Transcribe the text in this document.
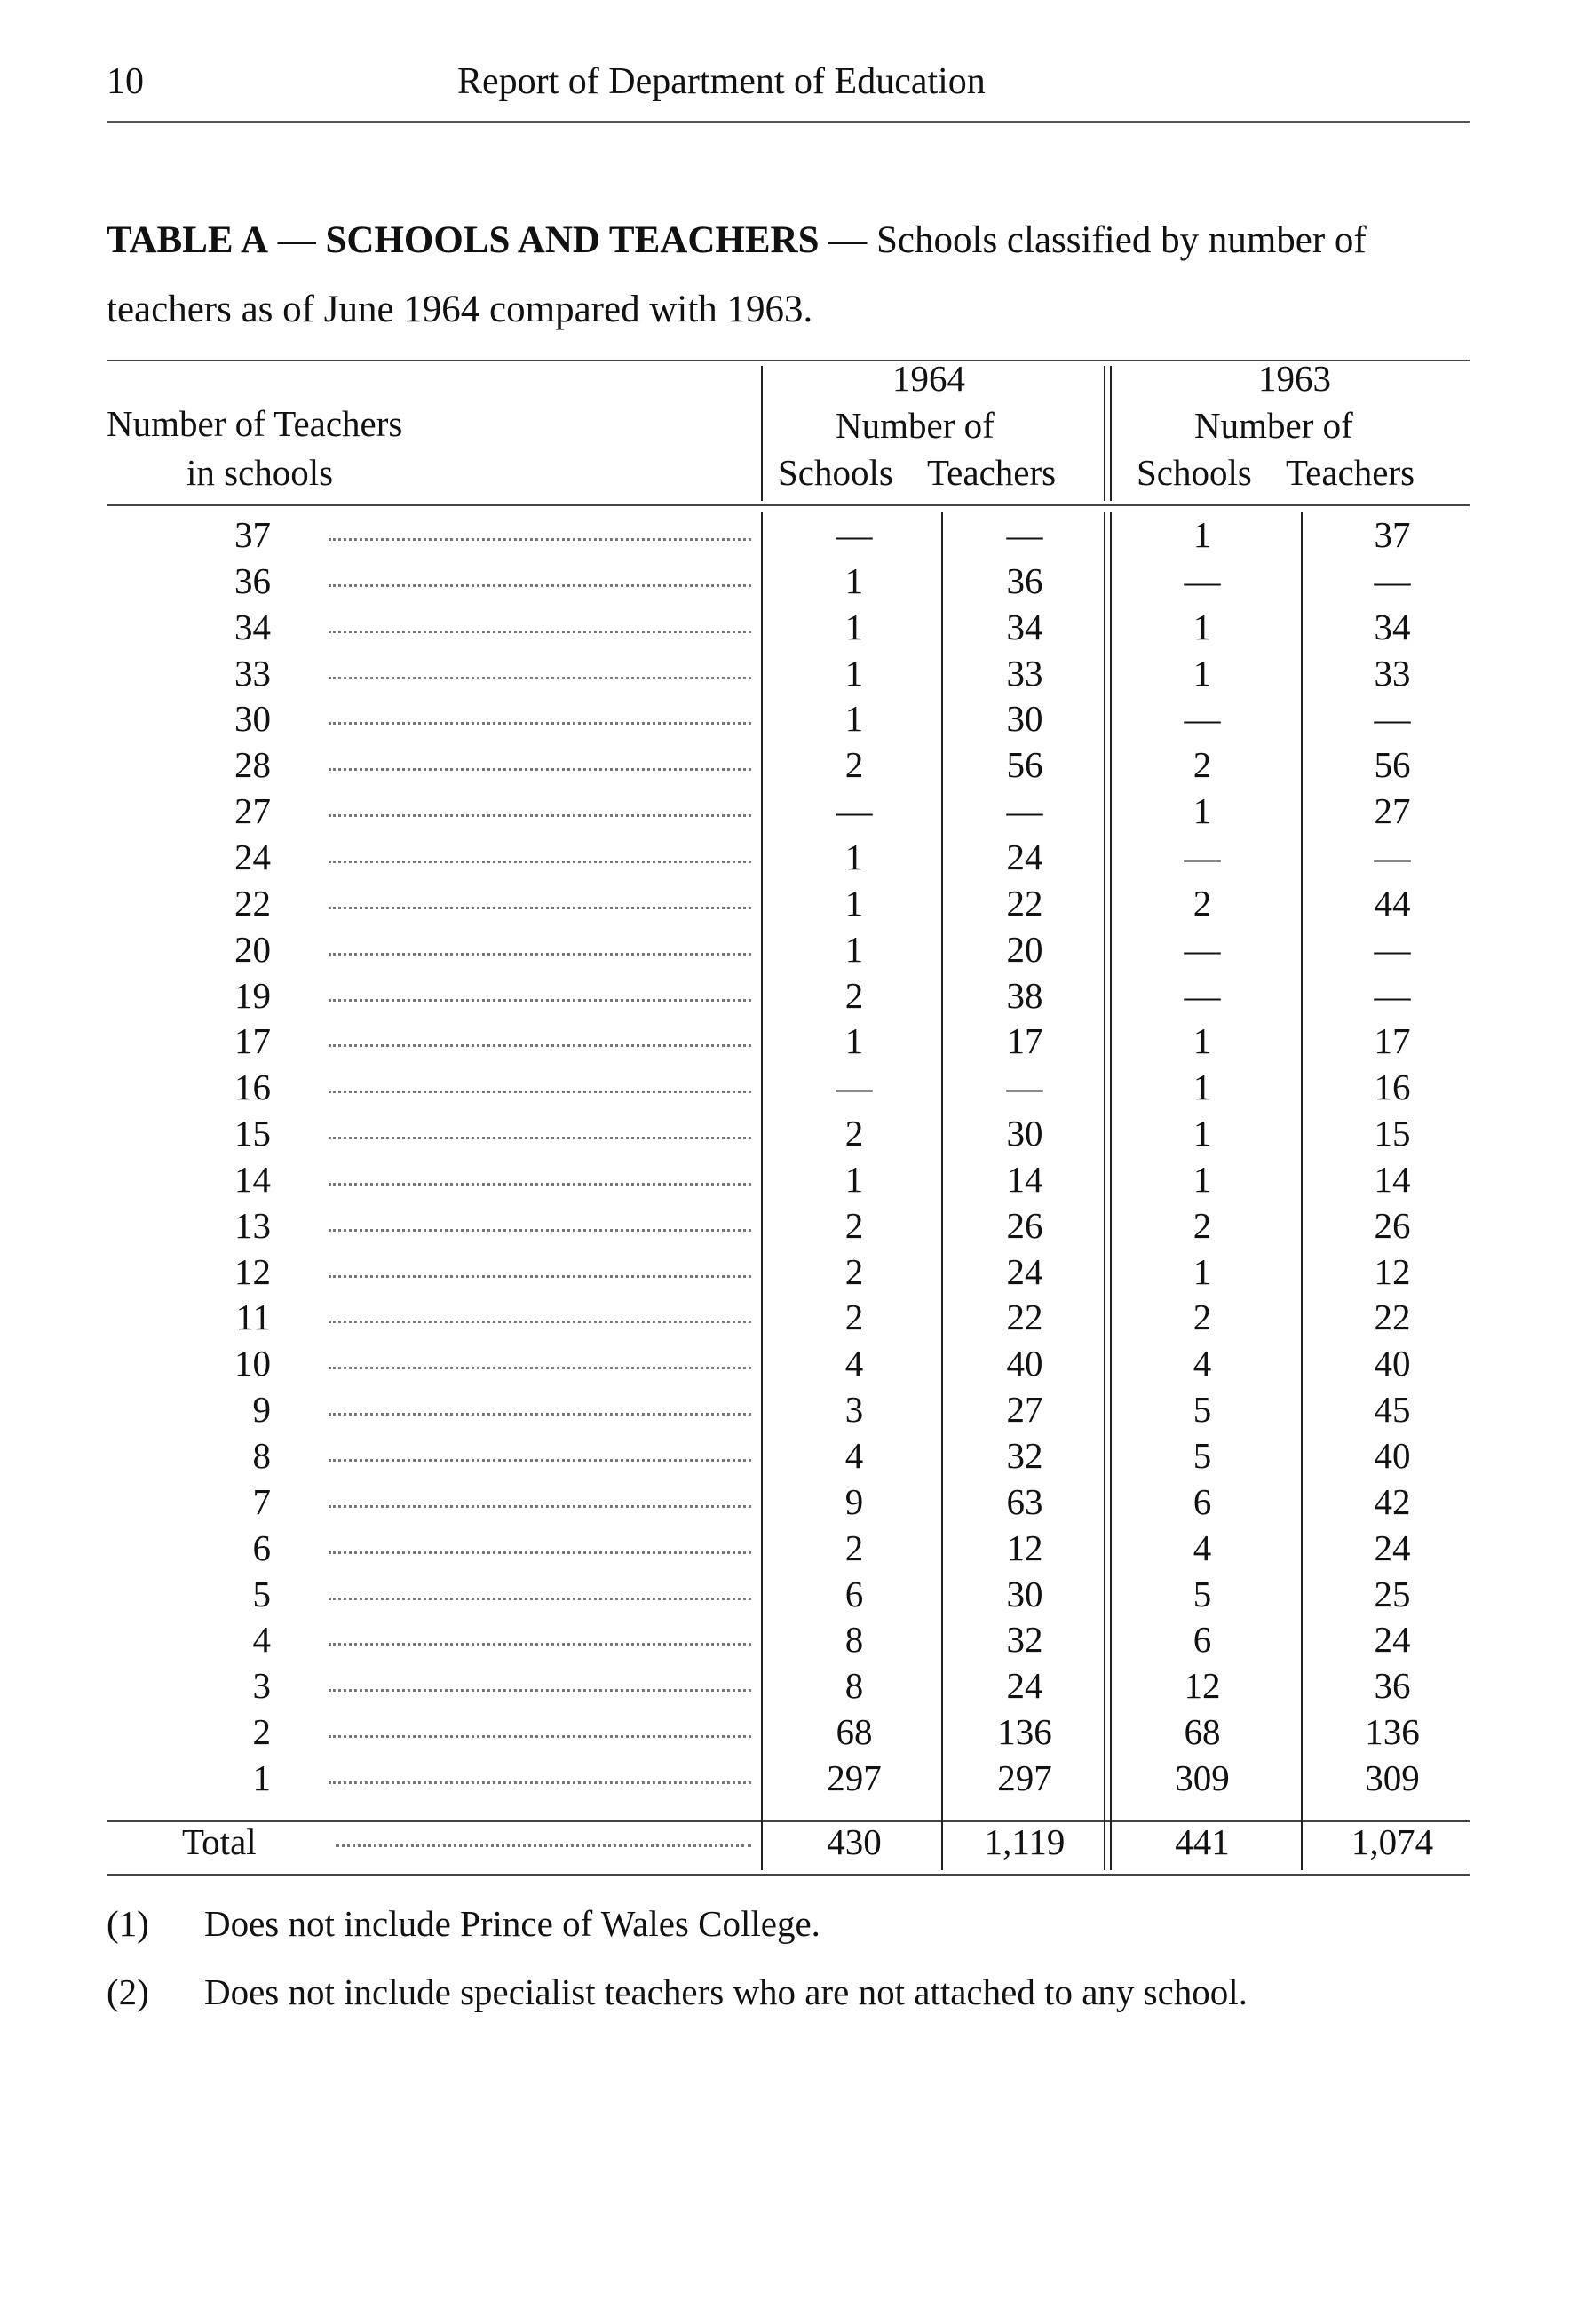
10	Report of Department of Education
TABLE A — SCHOOLS AND TEACHERS — Schools classified by number of teachers as of June 1964 compared with 1963.
Number of Teachers
in schools
1964
Number of
Schools Teachers
1963
Number of
Schools Teachers
37	—	—	1	37
36	1	36	—	—
34	1	34	1	34
33	1	33	1	33
30	1	30	—	—
28	2	56	2	56
27	—	—	1	27
24	1	24	—	—
22	1	22	2	44
20	1	20	—	—
19	2	38	—	—
17	1	17	1	17
16	—	—	1	16
15	2	30	1	15
14	1	14	1	14
13	2	26	2	26
12	2	24	1	12
11	2	22	2	22
10	4	40	4	40
9	3	27	5	45
8	4	32	5	40
7	9	63	6	42
6	2	12	4	24
5	6	30	5	25
4	8	32	6	24
3	8	24	12	36
2	68	136	68	136
1	297	297	309	309
Total	430	1,119	441	1,074
(1) Does not include Prince of Wales College.
(2) Does not include specialist teachers who are not attached to any school.
